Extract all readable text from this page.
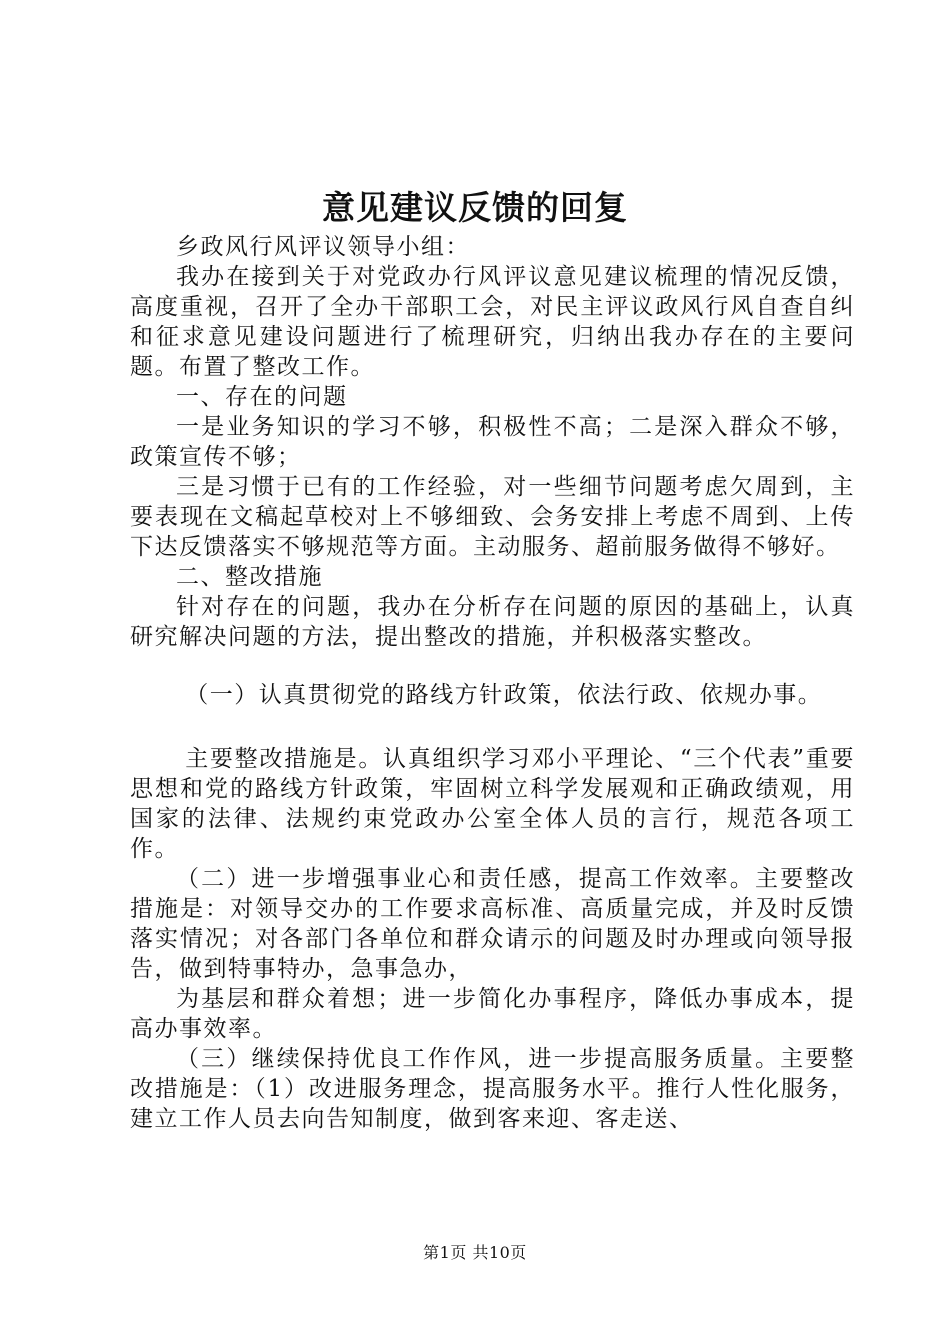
意见建议反馈的回复

乡政风行风评议领导小组：

我办在接到关于对党政办行风评议意见建议梳理的情况反馈，高度重视，召开了全办干部职工会，对民主评议政风行风自查自纠和征求意见建设问题进行了梳理研究，归纳出我办存在的主要问题。布置了整改工作。

一、存在的问题

一是业务知识的学习不够，积极性不高；二是深入群众不够，政策宣传不够；

三是习惯于已有的工作经验，对一些细节问题考虑欠周到，主要表现在文稿起草校对上不够细致、会务安排上考虑不周到、上传下达反馈落实不够规范等方面。主动服务、超前服务做得不够好。

二、整改措施

针对存在的问题，我办在分析存在问题的原因的基础上，认真研究解决问题的方法，提出整改的措施，并积极落实整改。

（一）认真贯彻党的路线方针政策，依法行政、依规办事。

主要整改措施是。认真组织学习邓小平理论、“三个代表”重要思想和党的路线方针政策，牢固树立科学发展观和正确政绩观，用国家的法律、法规约束党政办公室全体人员的言行，规范各项工作。

（二）进一步增强事业心和责任感，提高工作效率。主要整改措施是：对领导交办的工作要求高标准、高质量完成，并及时反馈落实情况；对各部门各单位和群众请示的问题及时办理或向领导报告，做到特事特办，急事急办，

为基层和群众着想；进一步简化办事程序，降低办事成本，提高办事效率。

（三）继续保持优良工作作风，进一步提高服务质量。主要整改措施是：（1）改进服务理念，提高服务水平。推行人性化服务，建立工作人员去向告知制度，做到客来迎、客走送、

第1页 共10页
